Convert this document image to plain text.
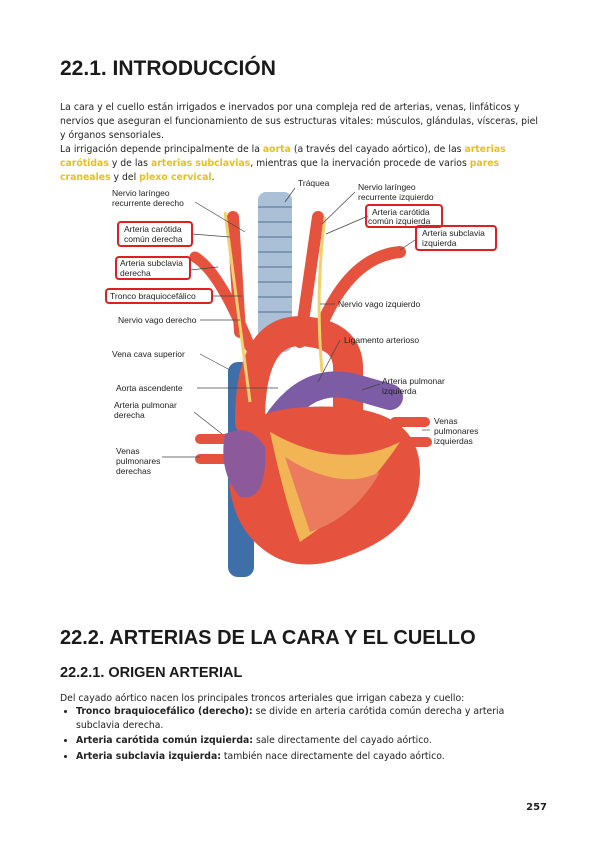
22.1. INTRODUCCIÓN

La cara y el cuello están irrigados e inervados por una compleja red de arterias, venas, linfáticos y nervios que aseguran el funcionamiento de sus estructuras vitales: músculos, glándulas, vísceras, piel y órganos sensoriales.

La irrigación depende principalmente de la aorta (a través del cayado aórtico), de las arterias carótidas y de las arterias subclavias, mientras que la inervación procede de varios pares craneales y del plexo cervical.	Tráquea
Nervio laríngeo
recurrente derecho
Nervio laríngeo
recurrente izquierdo
Arteria carótida
común izquierda
Arteria carótida
común derecha
Arteria subclavia
izquierda
Arteria subclavia
derecha
Tronco braquiocefálico
Nervio vago izquierdo
Nervio vago derecho
Ligamento arterioso
Vena cava superior
Arteria pulmonar
izquierda
Aorta ascendente
Arteria pulmonar
derecha
Venas
pulmonares
izquierdas
Venas
pulmonares
derechas
22.2. ARTERIAS DE LA CARA Y EL CUELLO
22.2.1. ORIGEN ARTERIAL

Del cayado aórtico nacen los principales troncos arteriales que irrigan cabeza y cuello:

• Tronco braquiocefálico (derecho): se divide en arteria carótida común derecha y arteria subclavia derecha.
• Arteria carótida común izquierda: sale directamente del cayado aórtico.
• Arteria subclavia izquierda: también nace directamente del cayado aórtico.
257
